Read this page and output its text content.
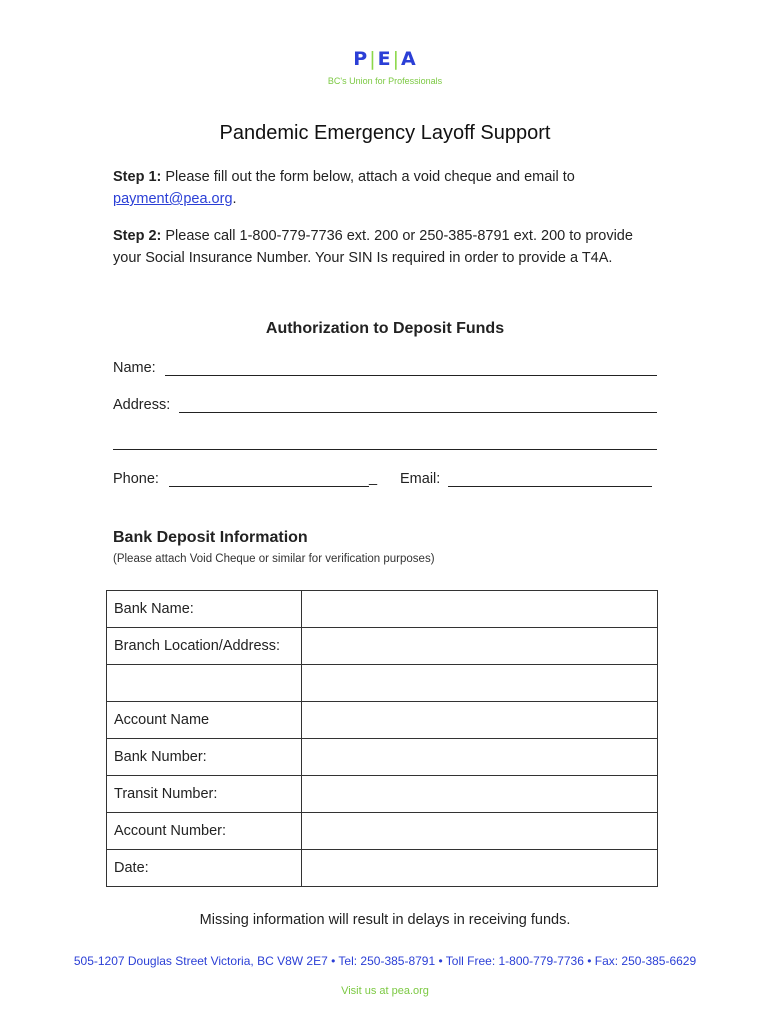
P|E|A
BC's Union for Professionals
Pandemic Emergency Layoff Support
Step 1: Please fill out the form below, attach a void cheque and email to payment@pea.org.
Step 2: Please call 1-800-779-7736 ext. 200 or 250-385-8791 ext. 200 to provide your Social Insurance Number. Your SIN Is required in order to provide a T4A.
Authorization to Deposit Funds
Name:
Address:
Phone:	_ Email:
Bank Deposit Information
(Please attach Void Cheque or similar for verification purposes)
Bank Name:	
Branch Location/Address:	

Account Name	
Bank Number:	
Transit Number:	
Account Number:	
Date:	
Missing information will result in delays in receiving funds.
505-1207 Douglas Street Victoria, BC V8W 2E7 • Tel: 250-385-8791 • Toll Free: 1-800-779-7736 • Fax: 250-385-6629
Visit us at pea.org
